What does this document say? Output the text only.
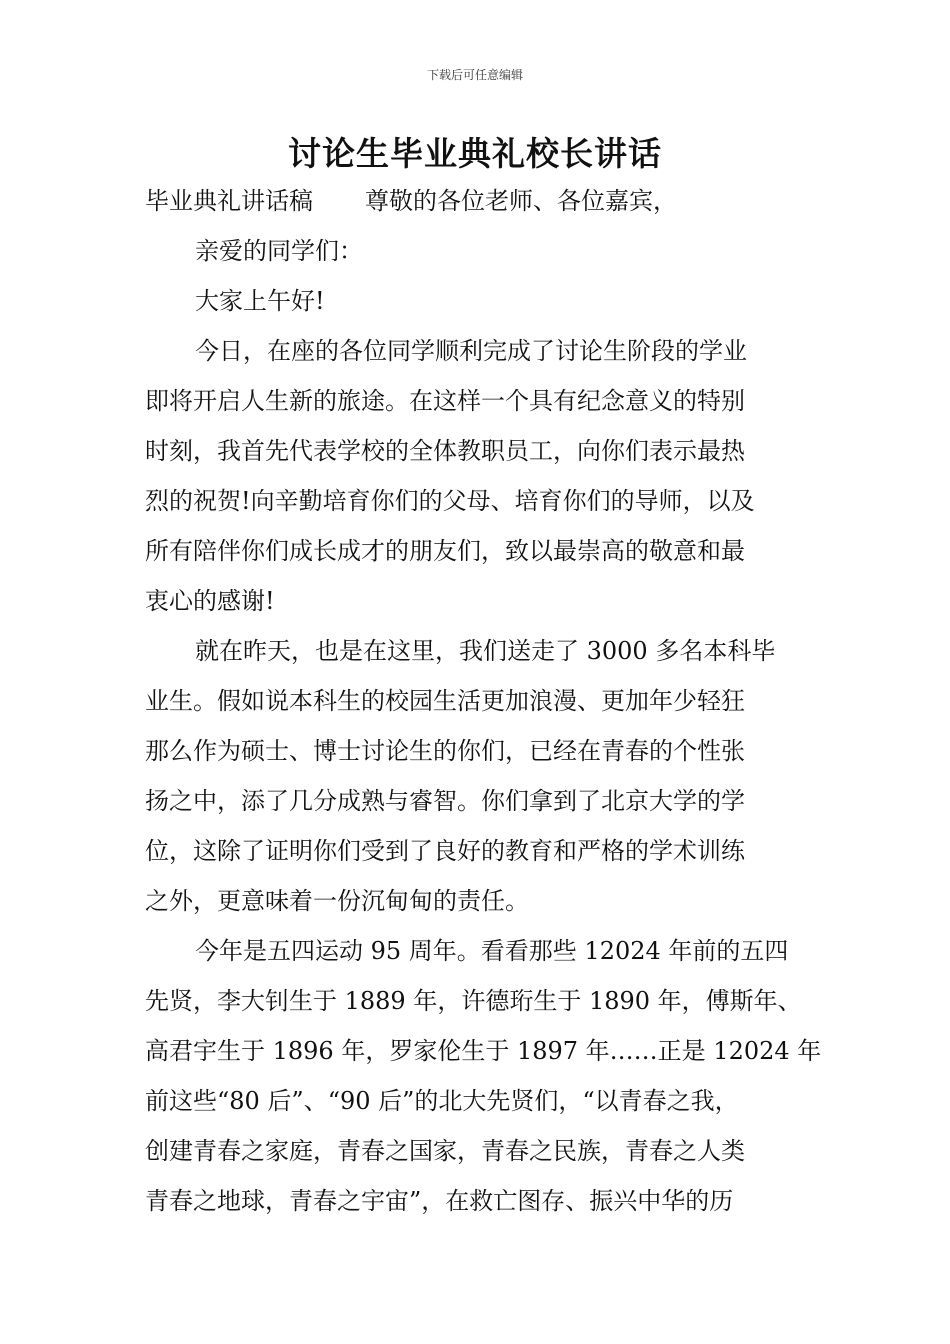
下载后可任意编辑
讨论生毕业典礼校长讲话
毕业典礼讲话稿 尊敬的各位老师、各位嘉宾，
亲爱的同学们：
大家上午好!
今日，在座的各位同学顺利完成了讨论生阶段的学业
即将开启人生新的旅途。在这样一个具有纪念意义的特别
时刻，我首先代表学校的全体教职员工，向你们表示最热
烈的祝贺!向辛勤培育你们的父母、培育你们的导师，以及
所有陪伴你们成长成才的朋友们，致以最崇高的敬意和最
衷心的感谢!
就在昨天，也是在这里，我们送走了 3000 多名本科毕
业生。假如说本科生的校园生活更加浪漫、更加年少轻狂
那么作为硕士、博士讨论生的你们，已经在青春的个性张
扬之中，添了几分成熟与睿智。你们拿到了北京大学的学
位，这除了证明你们受到了良好的教育和严格的学术训练
之外，更意味着一份沉甸甸的责任。
今年是五四运动 95 周年。看看那些 12024 年前的五四
先贤，李大钊生于 1889 年，许德珩生于 1890 年，傅斯年、
高君宇生于 1896 年，罗家伦生于 1897 年……正是 12024 年
前这些“80 后”、“90 后”的北大先贤们，“以青春之我，
创建青春之家庭，青春之国家，青春之民族，青春之人类
青春之地球，青春之宇宙”，在救亡图存、振兴中华的历
